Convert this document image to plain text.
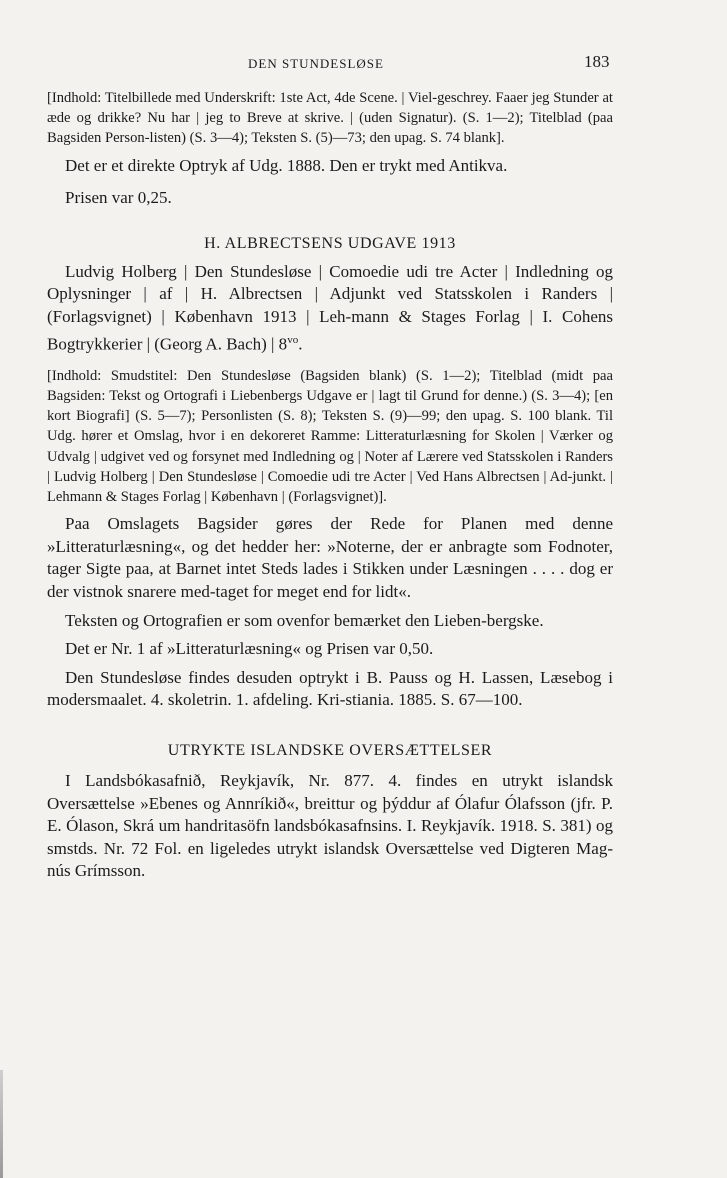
DEN STUNDESLØSE	183

[Indhold: Titelbillede med Underskrift: 1ste Act, 4de Scene. | Viel-geschrey. Faaer jeg Stunder at æde og drikke? Nu har | jeg to Breve at skrive. | (uden Signatur). (S. 1—2); Titelblad (paa Bagsiden Person-listen) (S. 3—4); Teksten S. (5)—73; den upag. S. 74 blank].

Det er et direkte Optryk af Udg. 1888. Den er trykt med Antikva.

Prisen var 0,25.

H. ALBRECTSENS UDGAVE 1913

Ludvig Holberg | Den Stundesløse | Comoedie udi tre Acter | Indledning og Oplysninger | af | H. Albrectsen | Adjunkt ved Statsskolen i Randers | (Forlagsvignet) | København 1913 | Leh-mann & Stages Forlag | I. Cohens Bogtrykkerier | (Georg A. Bach) | $8^{vo}$.

[Indhold: Smudstitel: Den Stundesløse (Bagsiden blank) (S. 1—2); Titelblad (midt paa Bagsiden: Tekst og Ortografi i Liebenbergs Udgave er | lagt til Grund for denne.) (S. 3—4); [en kort Biografi] (S. 5—7); Personlisten (S. 8); Teksten S. (9)—99; den upag. S. 100 blank. Til Udg. hører et Omslag, hvor i en dekoreret Ramme: Litteraturlæsning for Skolen | Værker og Udvalg | udgivet ved og forsynet med Indledning og | Noter af Lærere ved Statsskolen i Randers | Ludvig Holberg | Den Stundesløse | Comoedie udi tre Acter | Ved Hans Albrectsen | Ad-junkt. | Lehmann & Stages Forlag | København | (Forlagsvignet)].

Paa Omslagets Bagsider gøres der Rede for Planen med denne »Litteraturlæsning«, og det hedder her: »Noterne, der er anbragte som Fodnoter, tager Sigte paa, at Barnet intet Steds lades i Stikken under Læsningen . . . . dog er der vistnok snarere med-taget for meget end for lidt«.

Teksten og Ortografien er som ovenfor bemærket den Lieben-bergske.

Det er Nr. 1 af »Litteraturlæsning« og Prisen var 0,50.

Den Stundesløse findes desuden optrykt i B. Pauss og H. Lassen, Læsebog i modersmaalet. 4. skoletrin. 1. afdeling. Kri-stiania. 1885. S. 67—100.

UTRYKTE ISLANDSKE OVERSÆTTELSER

I Landsbókasafnið, Reykjavík, Nr. 877. 4. findes en utrykt islandsk Oversættelse »Ebenes og Annríkið«, breittur og þýddur af Ólafur Ólafsson (jfr. P. E. Ólason, Skrá um handritasöfn landsbókasafnsins. I. Reykjavík. 1918. S. 381) og smstds. Nr. 72 Fol. en ligeledes utrykt islandsk Oversættelse ved Digteren Mag-nús Grímsson.
